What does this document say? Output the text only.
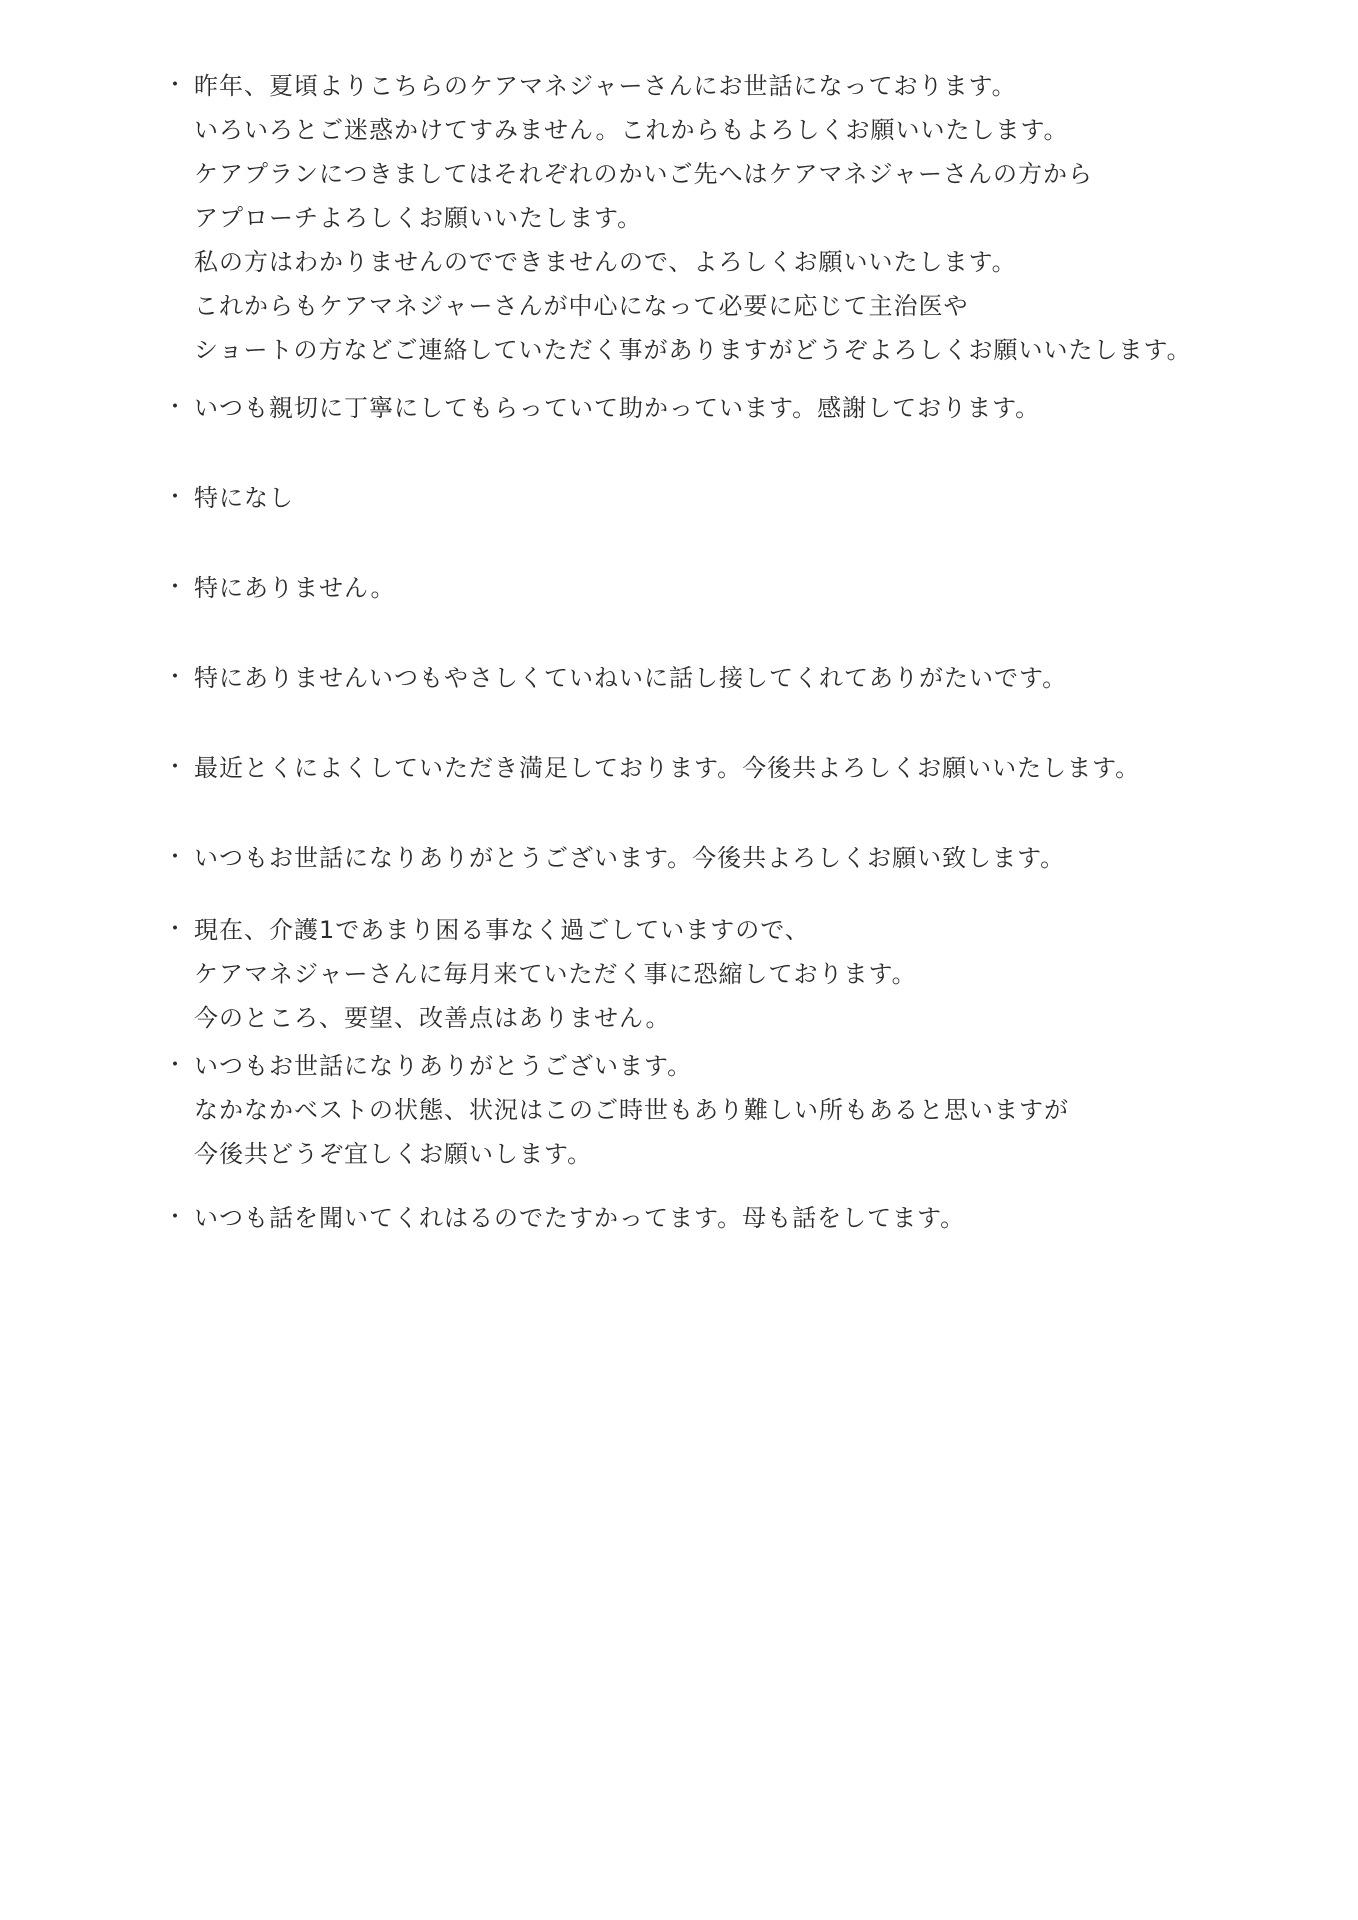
・ 昨年、夏頃よりこちらのケアマネジャーさんにお世話になっております。
いろいろとご迷惑かけてすみません。これからもよろしくお願いいたします。
ケアプランにつきましてはそれぞれのかいご先へはケアマネジャーさんの方から
アプローチよろしくお願いいたします。
私の方はわかりませんのでできませんので、よろしくお願いいたします。
これからもケアマネジャーさんが中心になって必要に応じて主治医や
ショートの方などご連絡していただく事がありますがどうぞよろしくお願いいたします。
・ いつも親切に丁寧にしてもらっていて助かっています。感謝しております。
・ 特になし
・ 特にありません。
・ 特にありませんいつもやさしくていねいに話し接してくれてありがたいです。
・ 最近とくによくしていただき満足しております。今後共よろしくお願いいたします。
・ いつもお世話になりありがとうございます。今後共よろしくお願い致します。
・ 現在、介護1であまり困る事なく過ごしていますので、
ケアマネジャーさんに毎月来ていただく事に恐縮しております。
今のところ、要望、改善点はありません。
・ いつもお世話になりありがとうございます。
なかなかベストの状態、状況はこのご時世もあり難しい所もあると思いますが
今後共どうぞ宜しくお願いします。
・ いつも話を聞いてくれはるのでたすかってます。母も話をしてます。
